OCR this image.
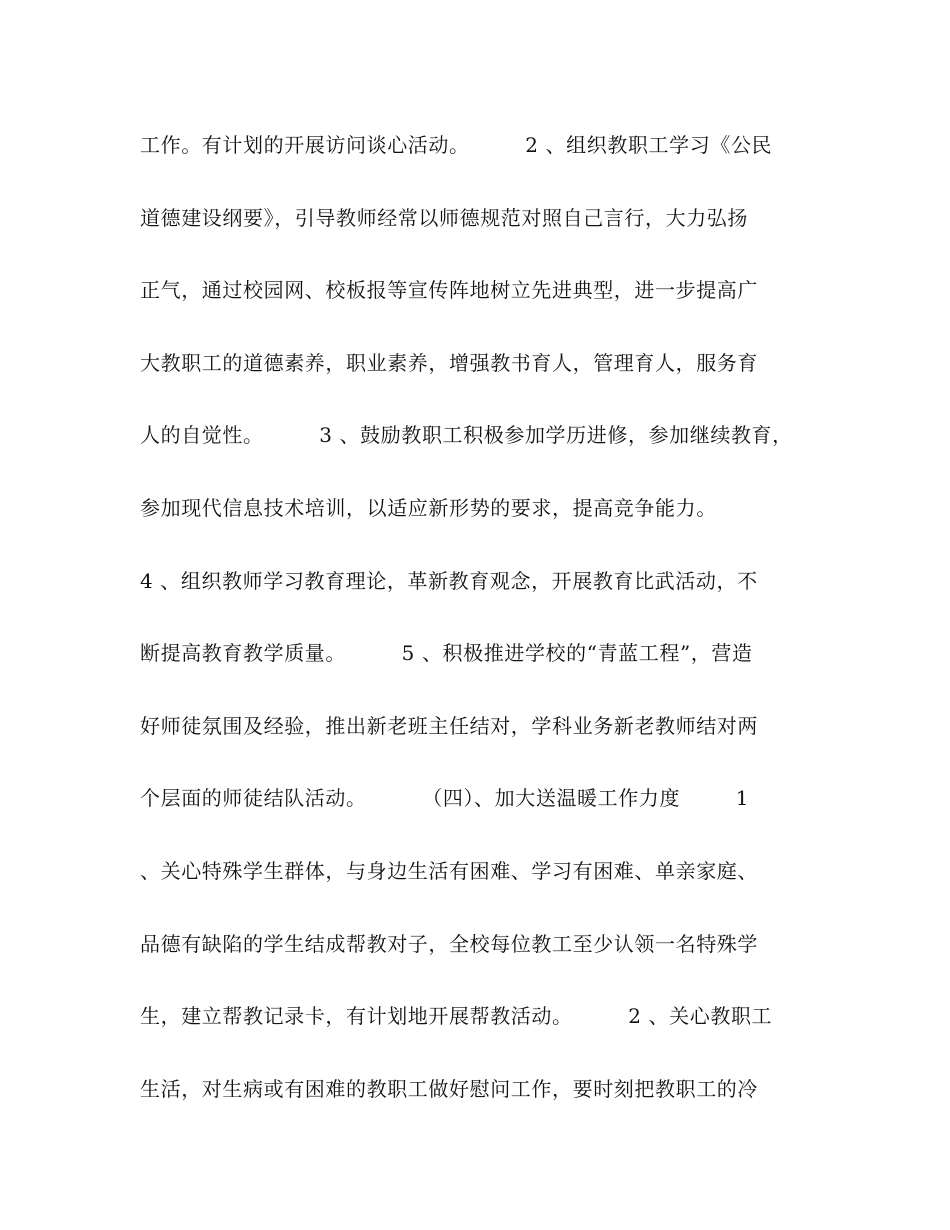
工作。有计划的开展访问谈心活动。        2 、组织教职工学习《公民
道德建设纲要》，引导教师经常以师德规范对照自己言行，大力弘扬
正气，通过校园网、校板报等宣传阵地树立先进典型，进一步提高广
大教职工的道德素养，职业素养，增强教书育人，管理育人，服务育
人的自觉性。        3 、鼓励教职工积极参加学历进修，参加继续教育，
参加现代信息技术培训，以适应新形势的要求，提高竞争能力。
4 、组织教师学习教育理论，革新教育观念，开展教育比武活动，不
断提高教育教学质量。        5 、积极推进学校的“青蓝工程”，营造
好师徒氛围及经验，推出新老班主任结对，学科业务新老教师结对两
个层面的师徒结队活动。        （四）、加大送温暖工作力度        1
、关心特殊学生群体，与身边生活有困难、学习有困难、单亲家庭、
品德有缺陷的学生结成帮教对子，全校每位教工至少认领一名特殊学
生，建立帮教记录卡，有计划地开展帮教活动。        2 、关心教职工
生活，对生病或有困难的教职工做好慰问工作，要时刻把教职工的冷
